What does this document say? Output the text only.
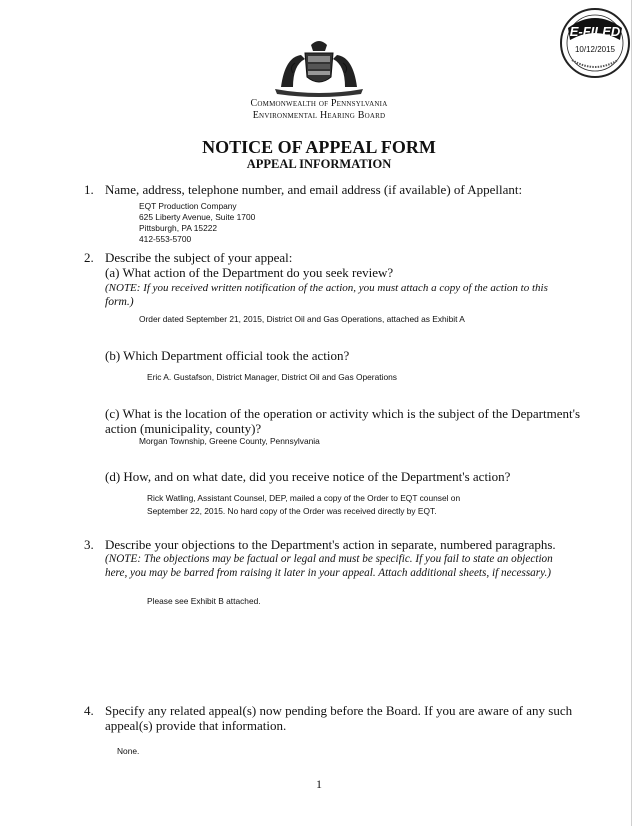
E-FILED
10/12/2015
Commonwealth of Pennsylvania
Environmental Hearing Board
NOTICE OF APPEAL FORM
APPEAL INFORMATION
1. Name, address, telephone number, and email address (if available) of Appellant:
EQT Production Company
625 Liberty Avenue, Suite 1700
Pittsburgh, PA 15222
412-553-5700
2. Describe the subject of your appeal:
(a) What action of the Department do you seek review?
(NOTE: If you received written notification of the action, you must attach a copy of the action to this
form.)
Order dated September 21, 2015, District Oil and Gas Operations, attached as Exhibit A
(b) Which Department official took the action?
Eric A. Gustafson, District Manager, District Oil and Gas Operations
(c) What is the location of the operation or activity which is the subject of the Department's
action (municipality, county)?
Morgan Township, Greene County, Pennsylvania
(d) How, and on what date, did you receive notice of the Department's action?
Rick Watling, Assistant Counsel, DEP, mailed a copy of the Order to EQT counsel on
September 22, 2015. No hard copy of the Order was received directly by EQT.
3. Describe your objections to the Department's action in separate, numbered paragraphs.
(NOTE: The objections may be factual or legal and must be specific. If you fail to state an objection
here, you may be barred from raising it later in your appeal. Attach additional sheets, if necessary.)
Please see Exhibit B attached.
4. Specify any related appeal(s) now pending before the Board. If you are aware of any such
appeal(s) provide that information.
None.
1
